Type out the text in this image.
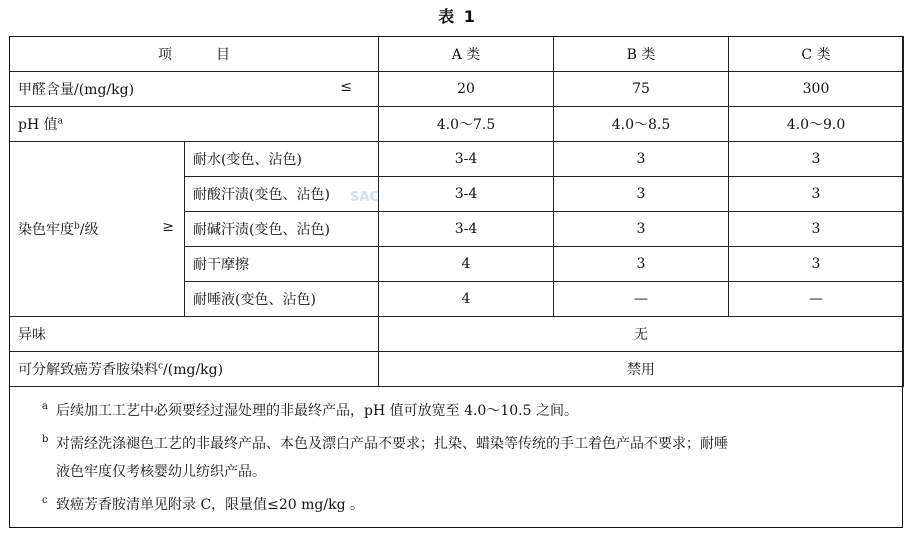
表 1
项目		A 类	B 类	C 类
甲醛含量/(mg/kg) ≤		20	75	300
pH 值$^a$		4.0～7.5	4.0～8.5	4.0～9.0
染色牢度$^b$/级 ≥	耐水(变色、沾色)	3-4	3	3
	耐酸汗渍(变色、沾色)	3-4	3	3
	耐碱汗渍(变色、沾色)	3-4	3	3
	耐干摩擦	4	3	3
	耐唾液(变色、沾色)	4	—	—
异味		无		
可分解致癌芳香胺染料$^c$/(mg/kg)		禁用		
SAC
a 后续加工工艺中必须要经过湿处理的非最终产品，pH 值可放宽至 4.0～10.5 之间。
b 对需经洗涤褪色工艺的非最终产品、本色及漂白产品不要求；扎染、蜡染等传统的手工着色产品不要求；耐唾
液色牢度仅考核婴幼儿纺织产品。
c 致癌芳香胺清单见附录 C，限量值≤20 mg/kg 。
